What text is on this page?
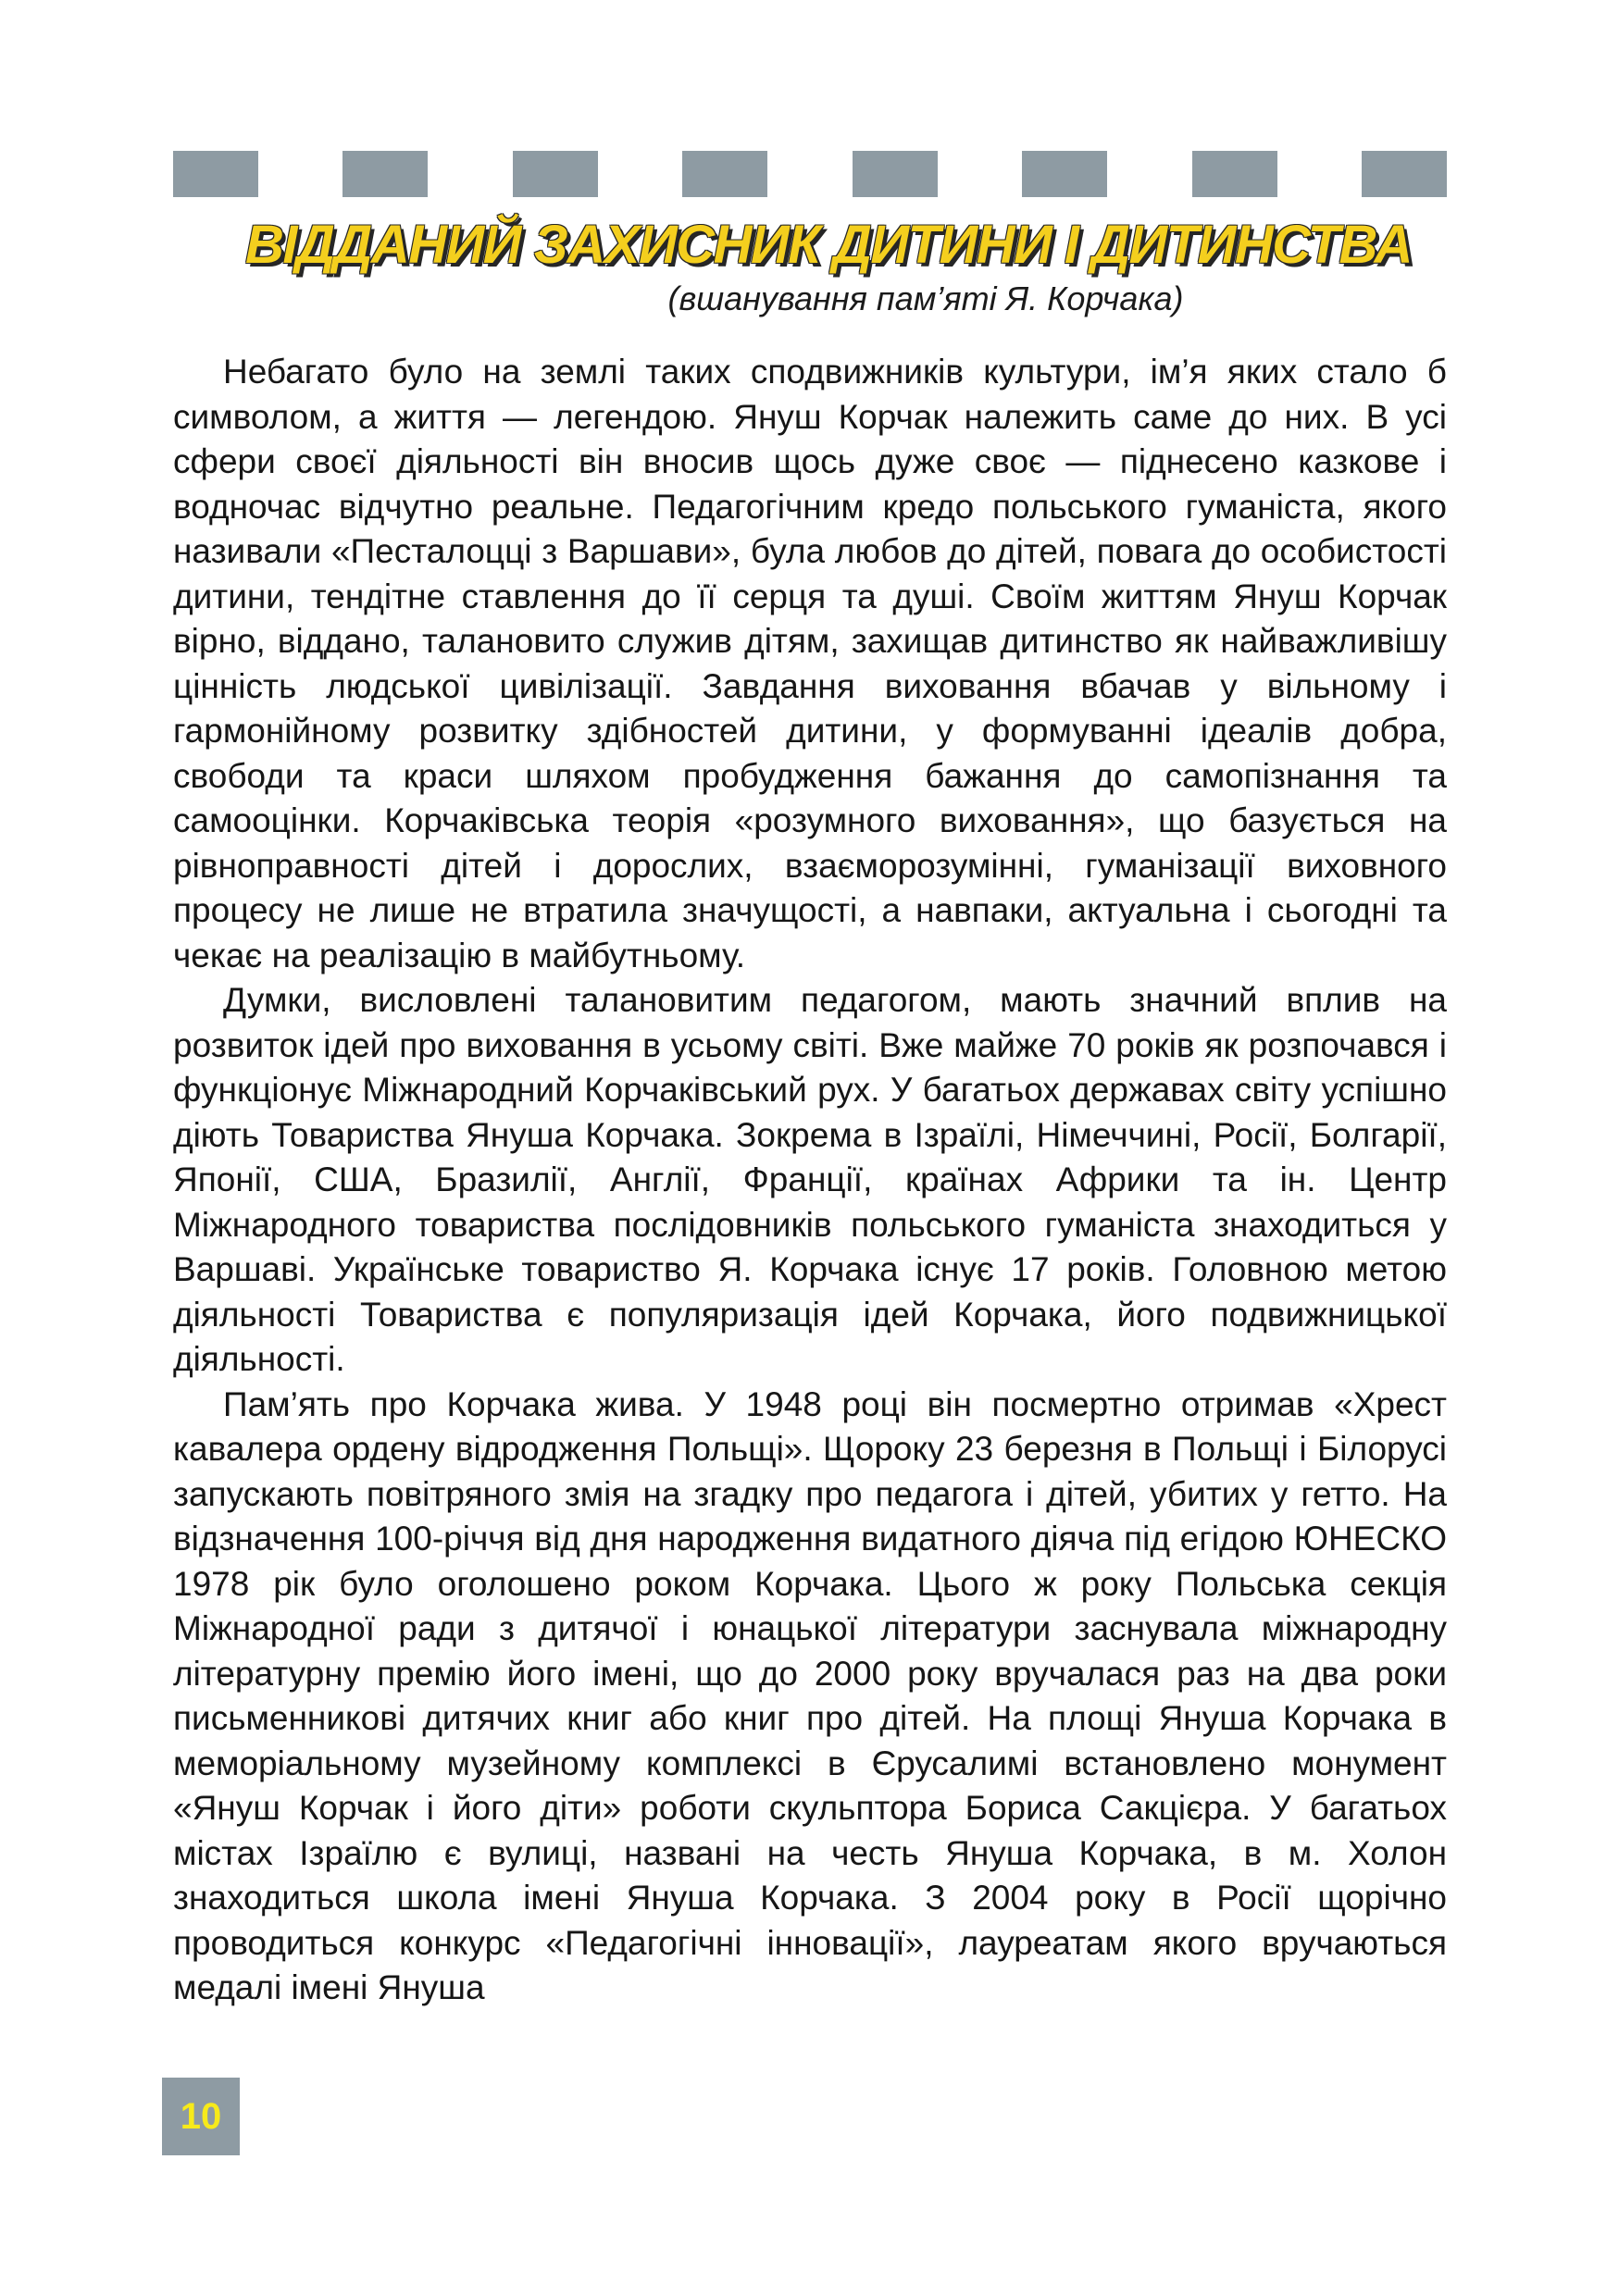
ВІДДАНИЙ ЗАХИСНИК ДИТИНИ І ДИТИНСТВА
(вшанування пам’яті Я. Корчака)

Небагато було на землі таких сподвижників культури, ім’я яких стало б символом, а життя — легендою. Януш Корчак належить саме до них. В усі сфери своєї діяльності він вносив щось дуже своє — піднесено казкове і водночас відчутно реальне. Педагогічним кредо польського гуманіста, якого називали «Песталоцці з Варшави», була любов до дітей, повага до особистості дитини, тендітне ставлення до її серця та душі. Своїм життям Януш Корчак вірно, віддано, талановито служив дітям, захищав дитинство як найважливішу цінність людської цивілізації. Завдання виховання вбачав у вільному і гармонійному розвитку здібностей дитини, у формуванні ідеалів добра, свободи та краси шляхом пробудження бажання до самопізнання та самооцінки. Корчаківська теорія «розумного виховання», що базується на рівноправності дітей і дорослих, взаєморозумінні, гуманізації виховного процесу не лише не втратила значущості, а навпаки, актуальна і сьогодні та чекає на реалізацію в майбутньому.

Думки, висловлені талановитим педагогом, мають значний вплив на розвиток ідей про виховання в усьому світі. Вже майже 70 років як розпочався і функціонує Міжнародний Корчаківський рух. У багатьох державах світу успішно діють Товариства Януша Корчака. Зокрема в Ізраїлі, Німеччині, Росії, Болгарії, Японії, США, Бразилії, Англії, Франції, країнах Африки та ін. Центр Міжнародного товариства послідовників польського гуманіста знаходиться у Варшаві. Українське товариство Я. Корчака існує 17 років. Головною метою діяльності Товариства є популяризація ідей Корчака, його подвижницької діяльності.

Пам’ять про Корчака жива. У 1948 році він посмертно отримав «Хрест кавалера ордену відродження Польщі». Щороку 23 березня в Польщі і Білорусі запускають повітряного змія на згадку про педагога і дітей, убитих у гетто. На відзначення 100-річчя від дня народження видатного діяча під егідою ЮНЕСКО 1978 рік було оголошено роком Корчака. Цього ж року Польська секція Міжнародної ради з дитячої і юнацької літератури заснувала міжнародну літературну премію його імені, що до 2000 року вручалася раз на два роки письменникові дитячих книг або книг про дітей. На площі Януша Корчака в меморіальному музейному комплексі в Єрусалимі встановлено монумент «Януш Корчак і його діти» роботи скульптора Бориса Сакцієра. У багатьох містах Ізраїлю є вулиці, названі на честь Януша Корчака, в м. Холон знаходиться школа імені Януша Корчака. З 2004 року в Росії щорічно проводиться конкурс «Педагогічні інновації», лауреатам якого вручаються медалі імені Януша

10
